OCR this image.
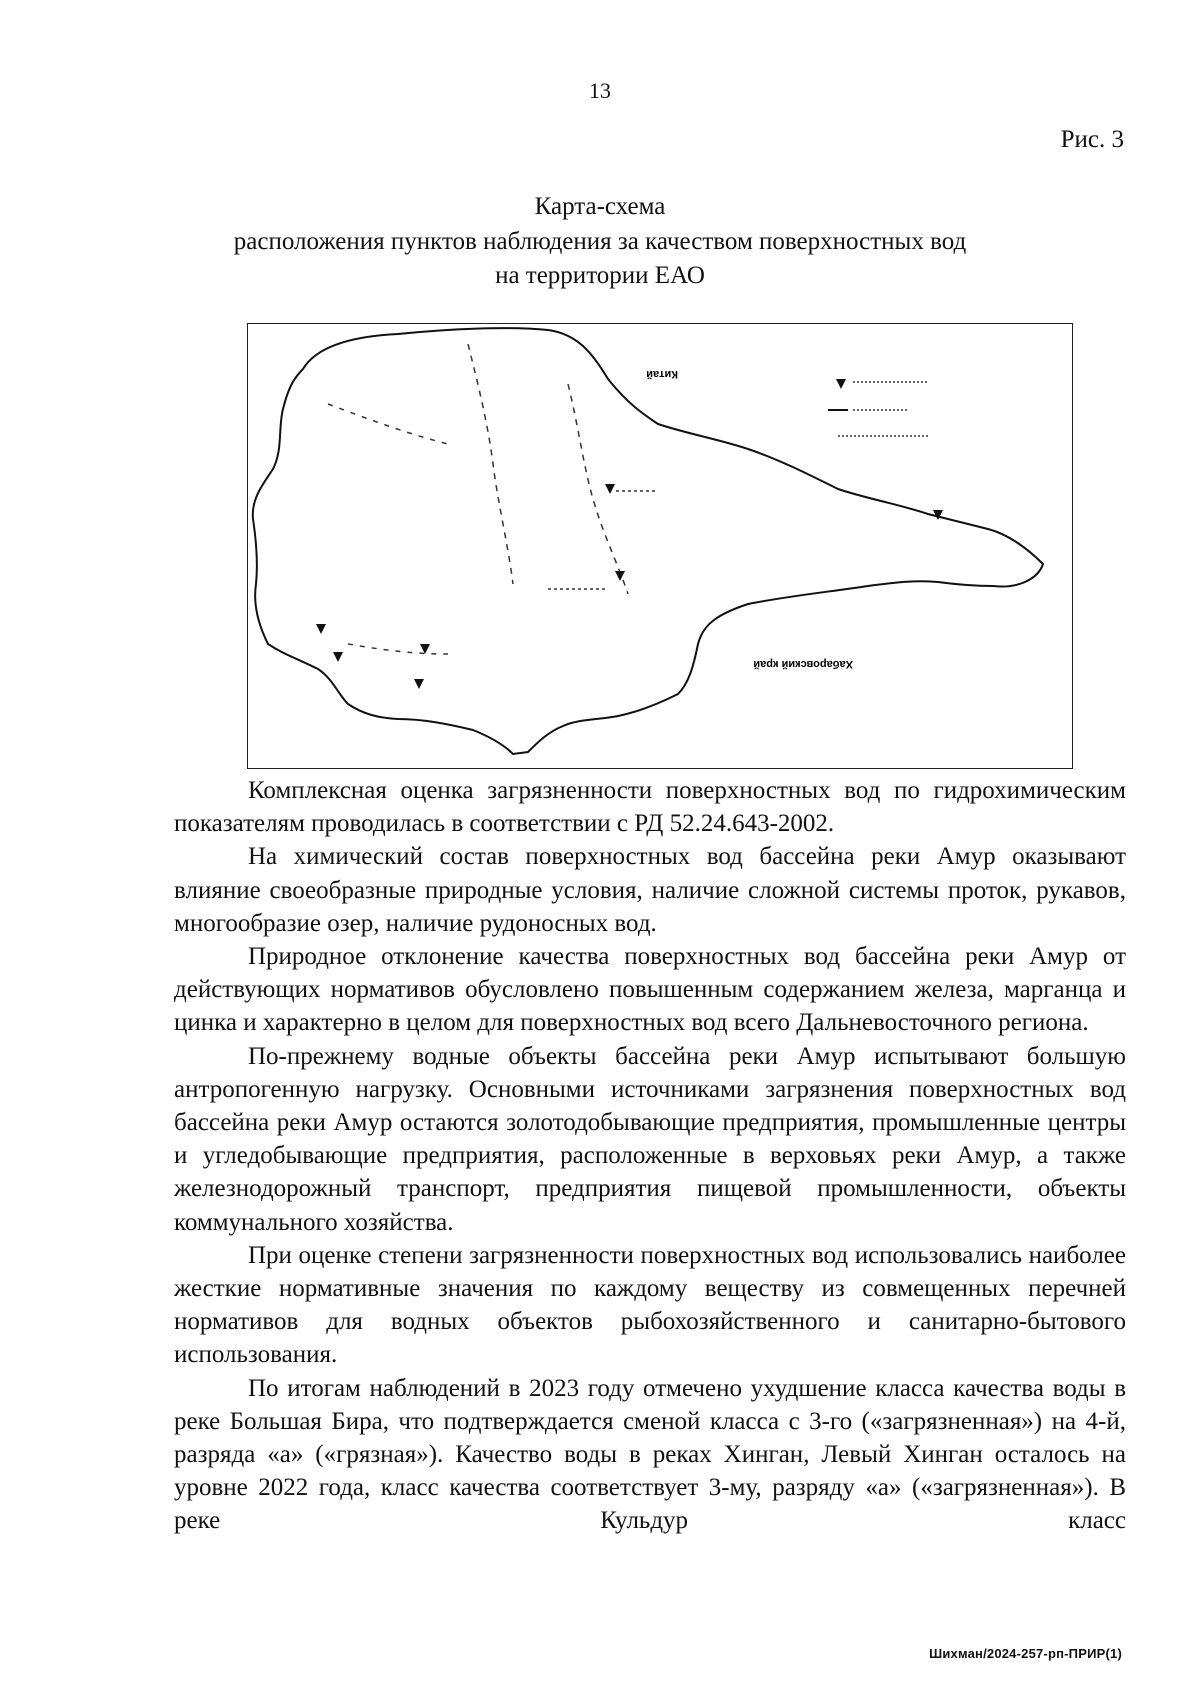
13
Рис. 3
Карта-схема
расположения пунктов наблюдения за качеством поверхностных вод
на территории ЕАО
Китай
Хабаровский край

Комплексная оценка загрязненности поверхностных вод по гидрохимическим показателям проводилась в соответствии с РД 52.24.643-2002.

На химический состав поверхностных вод бассейна реки Амур оказывают влияние своеобразные природные условия, наличие сложной системы проток, рукавов, многообразие озер, наличие рудоносных вод.

Природное отклонение качества поверхностных вод бассейна реки Амур от действующих нормативов обусловлено повышенным содержанием железа, марганца и цинка и характерно в целом для поверхностных вод всего Дальневосточного региона.

По-прежнему водные объекты бассейна реки Амур испытывают большую антропогенную нагрузку. Основными источниками загрязнения поверхностных вод бассейна реки Амур остаются золотодобывающие предприятия, промышленные центры и угледобывающие предприятия, расположенные в верховьях реки Амур, а также железнодорожный транспорт, предприятия пищевой промышленности, объекты коммунального хозяйства.

При оценке степени загрязненности поверхностных вод использовались наиболее жесткие нормативные значения по каждому веществу из совмещенных перечней нормативов для водных объектов рыбохозяйственного и санитарно-бытового использования.

По итогам наблюдений в 2023 году отмечено ухудшение класса качества воды в реке Большая Бира, что подтверждается сменой класса с 3-го («загрязненная») на 4-й, разряда «а» («грязная»). Качество воды в реках Хинган, Левый Хинган осталось на уровне 2022 года, класс качества соответствует 3-му, разряду «а» («загрязненная»). В реке Кульдур класс

Шихман/2024-257-рп-ПРИР(1)
